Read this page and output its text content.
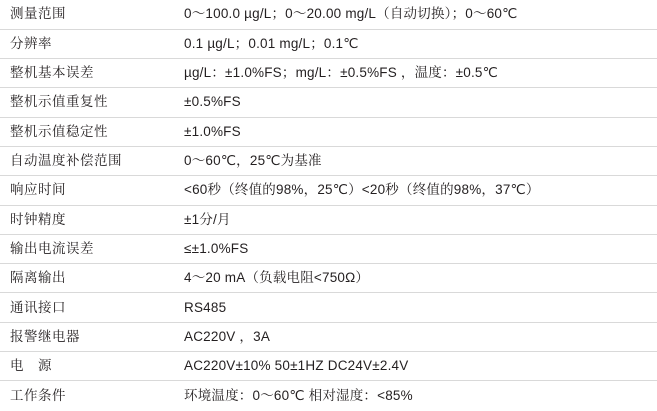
测量范围	0～100.0 µg/L；0～20.00 mg/L（自动切换）；0～60℃
分辨率	0.1 µg/L；0.01 mg/L；0.1℃
整机基本误差	µg/L：±1.0%FS；mg/L：±0.5%FS ，温度：±0.5℃
整机示值重复性	±0.5%FS
整机示值稳定性	±1.0%FS
自动温度补偿范围	0～60℃，25℃为基准
响应时间	<60秒（终值的98%，25℃）<20秒（终值的98%，37℃）
时钟精度	±1分/月
输出电流误差	≤±1.0%FS
隔离输出	4～20 mA（负载电阻<750Ω）
通讯接口	RS485
报警继电器	AC220V ，3A
电　源	AC220V±10% 50±1HZ DC24V±2.4V
工作条件	环境温度：0～60℃ 相对湿度：<85%
